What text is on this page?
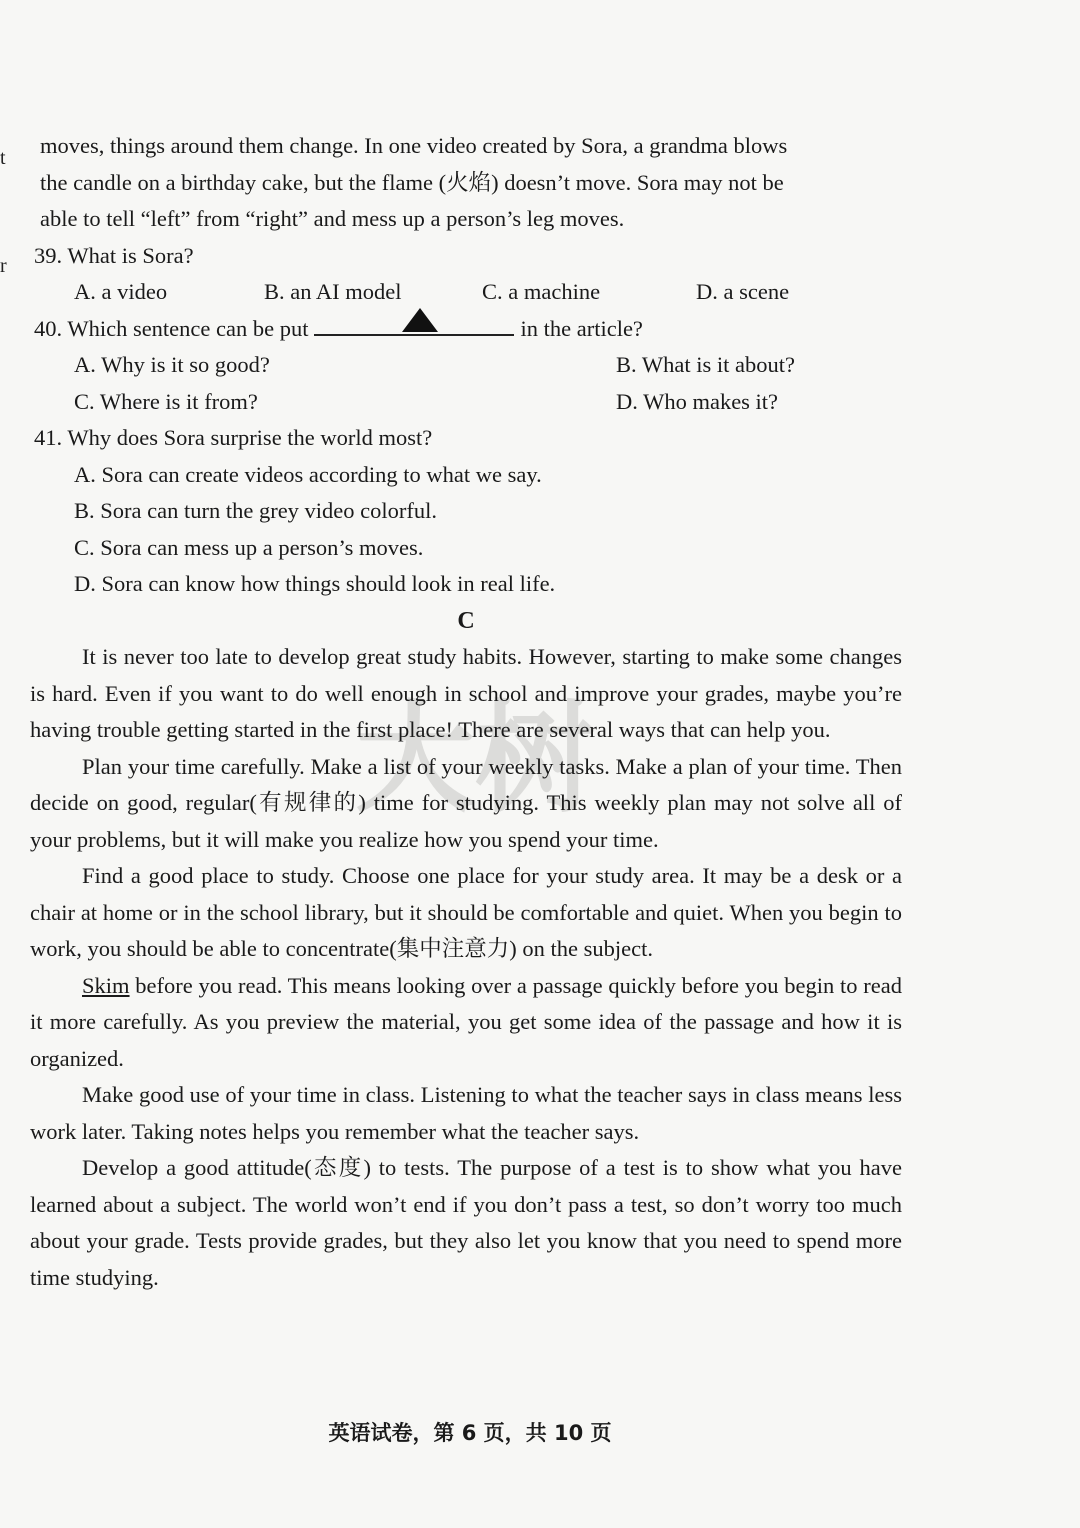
t
r
大树
moves, things around them change. In one video created by Sora, a grandma blows
the candle on a birthday cake, but the flame (火焰) doesn’t move. Sora may not be
able to tell “left” from “right” and mess up a person’s leg moves.
39. What is Sora?
A. a video	B. an AI model	C. a machine	D. a scene
40. Which sentence can be put	in the article?
A. Why is it so good?	B. What is it about?
C. Where is it from?	D. Who makes it?
41. Why does Sora surprise the world most?
A. Sora can create videos according to what we say.
B. Sora can turn the grey video colorful.
C. Sora can mess up a person’s moves.
D. Sora can know how things should look in real life.
C

It is never too late to develop great study habits. However, starting to make some changes is hard. Even if you want to do well enough in school and improve your grades, maybe you’re having trouble getting started in the first place! There are several ways that can help you.

Plan your time carefully. Make a list of your weekly tasks. Make a plan of your time. Then decide on good, regular(有规律的) time for studying. This weekly plan may not solve all of your problems, but it will make you realize how you spend your time.

Find a good place to study. Choose one place for your study area. It may be a desk or a chair at home or in the school library, but it should be comfortable and quiet. When you begin to work, you should be able to concentrate(集中注意力) on the subject.

Skim before you read. This means looking over a passage quickly before you begin to read it more carefully. As you preview the material, you get some idea of the passage and how it is organized.

Make good use of your time in class. Listening to what the teacher says in class means less work later. Taking notes helps you remember what the teacher says.

Develop a good attitude(态度) to tests. The purpose of a test is to show what you have learned about a subject. The world won’t end if you don’t pass a test, so don’t worry too much about your grade. Tests provide grades, but they also let you know that you need to spend more time studying.

英语试卷，第 6 页，共 10 页
